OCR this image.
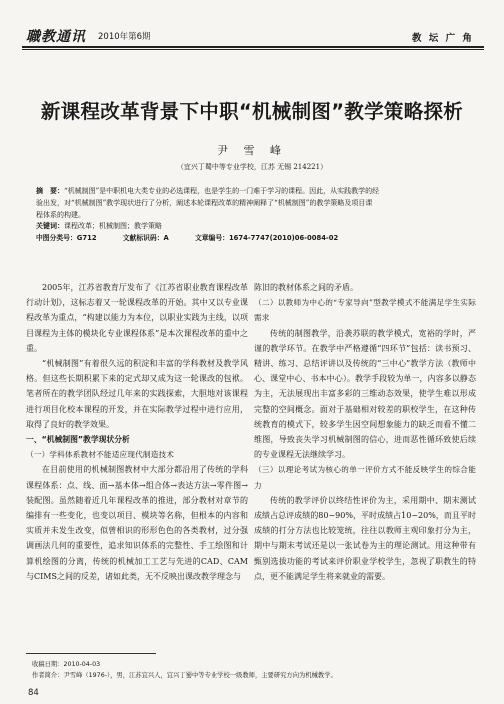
職教通讯 2010年第6期	教 坛 广 角
新课程改革背景下中职“机械制图”教学策略探析
尹 雪 峰
（宜兴丁蜀中等专业学校，江苏 无锡 214221）
摘　要：“机械制图”是中职机电大类专业的必选课程，也是学生的一门难于学习的课程。因此，从实践教学的经
验出发，对“机械制图”教学现状进行了分析，阐述本轮课程改革的精神阐释了“机械制图”的教学策略及项目课
程体系的构建。
关键词：课程改革；机械制图；教学策略
中图分类号：G712	文献标识码：A	文章编号：1674-7747(2010)06-0084-02

2005年，江苏省教育厅发布了《江苏省职业教育课程改革行动计划》，这标志着又一轮课程改革的开始。其中又以专业课程改革为重点，“构建以能力为本位，以职业实践为主线，以项目课程为主体的模块化专业课程体系”是本次课程改革的重中之重。

“机械制图”有着很久远的积淀和丰富的学科教材及教学风格。但这些长期积累下来的定式却又成为这一轮课改的包袱。笔者所在的教学团队经过几年来的实践探索，大胆地对该课程进行项目化校本课程的开发，并在实际教学过程中进行应用，取得了良好的教学效果。

一、“机械制图”教学现状分析

（一）学科体系教材不能适应现代制造技术

在目前使用的机械制图教材中大部分都沿用了传统的学科课程体系：点、线、面→基本体→组合体→表达方法→零件图→装配图。虽然随着近几年课程改革的推进，部分教材对章节的编排有一些变化，也变以项目、模块等名称，但根本的内容和实质并未发生改变，似曾相识的形形色色的各类教材，过分强调画法几何的重要性，追求知识体系的完整性、手工绘图和计算机绘图的分离，传统的机械加工工艺与先进的CAD、CAM与CIMS之间的反差，诸如此类，无不反映出课改教学理念与

陈旧的教材体系之间的矛盾。

（二）以教师为中心的“专家导向”型教学模式不能满足学生实际需求

传统的制图教学，沿袭苏联的教学模式，宽裕的学时，严谨的教学环节。在教学中严格遵循“四环节”包括：读书预习、精讲、练习、总结评讲以及传统的“三中心”教学方法（教师中心、课堂中心、书本中心）。教学手段较为单一，内容多以静态为主，无法展现出丰富多彩的三维动态效果，使学生难以形成完整的空间概念。面对于基础相对较差的职校学生，在这种传统教育的模式下，较多学生因空间想象能力的缺乏而看不懂二维图，导致丧失学习机械制图的信心，进而恶性循环致使后续的专业课程无法继续学习。

（三）以理论考试为核心的单一评价方式不能反映学生的综合能力

传统的教学评价以终结性评价为主，采用期中、期末测试成绩占总评成绩的80~90%，平时成绩占10~20%，而且平时成绩的打分方法也比较笼统，往往以教师主观印象打分为主，期中与期末考试还是以一张试卷为主的理论测试。用这种带有甄别选拔功能的考试来评价职业学校学生，忽视了职教生的特点，更不能满足学生将来就业的需要。

收稿日期：2010-04-03
作者简介：尹雪峰（1976-），男，江苏宜兴人，宜兴丁蜀中等专业学校一级教师，主要研究方向为机械教学。
84
